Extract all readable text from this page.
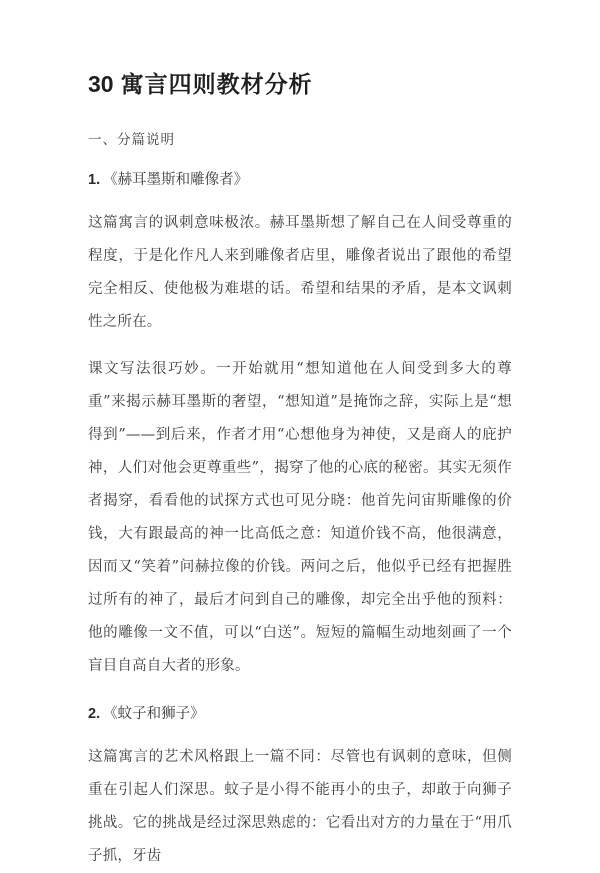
30 寓言四则教材分析
一、分篇说明
1. 《赫耳墨斯和雕像者》

这篇寓言的讽刺意味极浓。赫耳墨斯想了解自己在人间受尊重的程度，于是化作凡人来到雕像者店里，雕像者说出了跟他的希望完全相反、使他极为难堪的话。希望和结果的矛盾，是本文讽刺性之所在。

课文写法很巧妙。一开始就用“想知道他在人间受到多大的尊重”来揭示赫耳墨斯的奢望，“想知道”是掩饰之辞，实际上是“想得到”——到后来，作者才用“心想他身为神使，又是商人的庇护神，人们对他会更尊重些”，揭穿了他的心底的秘密。其实无须作者揭穿，看看他的试探方式也可见分晓：他首先问宙斯雕像的价钱，大有跟最高的神一比高低之意：知道价钱不高，他很满意，因而又“笑着”问赫拉像的价钱。两问之后，他似乎已经有把握胜过所有的神了，最后才问到自己的雕像，却完全出乎他的预料：他的雕像一文不值，可以“白送”。短短的篇幅生动地刻画了一个盲目自高自大者的形象。

2. 《蚊子和狮子》

这篇寓言的艺术风格跟上一篇不同：尽管也有讽刺的意味，但侧重在引起人们深思。蚊子是小得不能再小的虫子，却敢于向狮子挑战。它的挑战是经过深思熟虑的：它看出对方的力量在于“用爪子抓，牙齿
